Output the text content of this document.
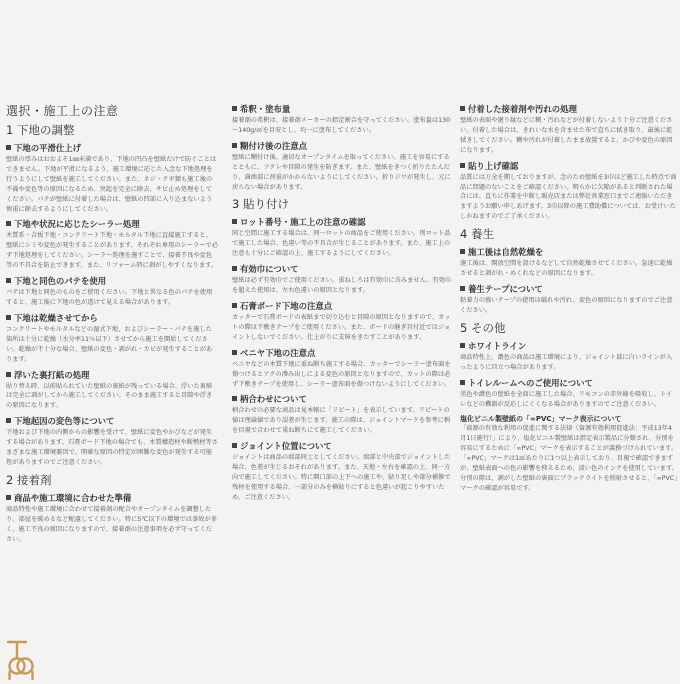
選択・施工上の注意
1 下地の調整
下地の平滑仕上げ
壁紙の厚みはおおよそ1㎜未満であり、下地の凹凸を壁紙だけで防ぐことはできません。下地が平滑になるよう、施工環境に応じた入念な下地処理を行うようにして壁紙を施工してください。また、ネジ・クギ類も施工後の不備や変色等の原因になるため、突起を完全に除去、サビ止め処理をしてください。パテが壁紙に付着した場合は、壁紙の凹部に入り込まないよう慎重に除去するようにしてください。
下地や状況に応じたシーラー処理
木質系・合板下地・コンクリート下地・モルタル下地に直接施工すると、壁紙にシミや変色が発生することがあります。それぞれ専用のシーラーで必ず下地処理をしてください。シーラー処理を施すことで、接着不良や変色等の不具合を防止できます。また、リフォーム時に剥がしやすくなります。
下地と同色のパテを使用
パテは下地と同色のものをご使用ください。下地と異なる色のパテを使用すると、施工後に下地の色が透けて見える場合があります。
下地は乾燥させてから
コンクリートやモルタルなどの湿式下地、およびシーラー・パテを施した箇所は十分に乾燥（水分率11％以下）させてから施工を開始してください。乾燥が不十分な場合、壁紙の変色・剥がれ・カビが発生することがあります。
浮いた裏打紙の処理
貼り替え時、以前貼られていた壁紙の裏紙が残っている場合、浮いた裏紙は完全に剥がしてから施工してください。そのまま施工すると目隙や浮きの原因になります。
下地起因の変色等について
下地および下地の内側からの影響を受けて、壁紙に変色やかびなどが発生する場合があります。石膏ボード下地の場合でも、木質構造材や断熱材等さまざまな施工環境要因で、明確な原因の特定が困難な変色が発生する可能性がありますのでご注意ください。
2 接着剤
商品や施工環境に合わせた準備
商品特性や施工環境に合わせて接着剤の配合やオープンタイムを調整したり、部屋を暖めるなど配慮してください。特に5℃以下の環境では事故が多く、施工不良の原因になりますので、接着剤の注意事項を必ず守ってください。
希釈・塗布量
接着剤の希釈は、接着剤メーカーの指定割合を守ってください。塗布量は130～140g/㎡を目安とし、均一に塗布してください。
糊付け後の注意点
壁紙に糊付け後、適切なオープンタイムを取ってください。施工を容易にするとともに、フクレや目隙の発生を防ぎます。また、壁紙をきつく折りたたんだり、満曲部に荷重がかからないようにしてください。折りジワが発生し、元に戻らない場合があります。
3 貼り付け
ロット番号・施工上の注意の確認
同じ空間に施工する場合は、同一ロットの商品をご使用ください。別ロット品で施工した場合、色違い等の不具合が生じることがあります。また、施工上の注意も十分にご確認の上、施工するようにしてください。
有効巾について
壁紙は必ず有効巾でご使用ください。重ねしろは有効巾に含みません。有効巾を超えた使用は、左右色違いの原因となります。
石膏ボード下地の注意点
カッターで石膏ボードの表紙まで切り込むと目隙の原因となりますので、カットの際は下敷きテープをご使用ください。また、ボードの継ぎ目付近ではジョイントしないでください。仕上がりに支障をきたすことがあります。
ベニヤ下地の注意点
ベニヤなどの木質下地に重ね断ち施工する場合、カッターでシーラー塗布面を傷つけるとアクの滲み出しによる変色の原因となりますので、カットの際は必ず下敷きテープを使用し、シーラー塗布面を傷つけないようにしてください。
柄合わせについて
柄合わせの必要な商品は見本帳に「リピート」を表示しています。リピートの値は理論値であり誤差が生じます。施工の際は、ジョイントマークを参考に柄を目視で合わせて重ね断ちにて施工してください。
ジョイント位置について
ジョイントは商品の端部同士としてください。端部と中央部でジョイントした場合、色差が生じるおそれがあります。また、天地・左右を確認の上、同一方向で施工してください。特に開口部の上下への施工や、貼り足しや部分補修で残材を使用する場合、一部分のみを横貼りにすると色違いが起こりやすいため、ご注意ください。
付着した接着剤や汚れの処理
壁紙の表面や廻り縁などに糊・汚れなどが付着しないよう十分ご注意ください。付着した場合は、きれいな水を含ませた布で直ちに拭き取り、最後に乾拭きしてください。糊や汚れが付着したまま放置すると、かびや変色の原因になります。
貼り上げ確認
品質には万全を期しておりますが、念のため壁紙を3巾ほど施工した時点で商品に問題のないことをご確認ください。明らかに欠陥があると判断された場合には、直ちに作業を中断し販売店または弊社営業窓口までご連絡いただきますようお願い申しあげます。3巾以降の施工費助償については、お受けいたしかねますのでご了承ください。
4 養生
施工後は自然乾燥を
施工後は、開放空間を設けるなどして自然乾燥させてください。急速に乾燥させると剥がれ・めくれなどの原因になります。
養生テープについて
粘着力の強いテープの使用は破れや汚れ、変色の原因になりますのでご注意ください。
5 その他
ホワイトライン
商品特性上、濃色の商品は施工環境により、ジョイント部に白いラインが入ったように目立つ場合があります。
トイレルームへのご使用について
黒色や濃色の壁紙を全面に施工した場合、リモコンの赤外線を吸収し、トイレなどの機器が反応しにくくなる場合がありますのでご注意ください。
塩化ビニル製壁紙の「∞PVC」マーク表示について
「資源の有効な利用の促進に関する法律（資源有効利用促進法：平成13年4月1日施行）」により、塩化ビニル製壁紙は指定表示製品に分類され、分別を容易にするために「∞PVC」マークを表示することが義務づけられています。「∞PVC」マークは1㎡あたりに1つ以上表示しており、目視で確認できますが、壁紙表面への色の影響を抑えるため、淡い色のインクを使用しています。分別の際は、剥がした壁紙の裏面にブラックライトを照射させると、「∞PVC」マークの確認が容易です。
